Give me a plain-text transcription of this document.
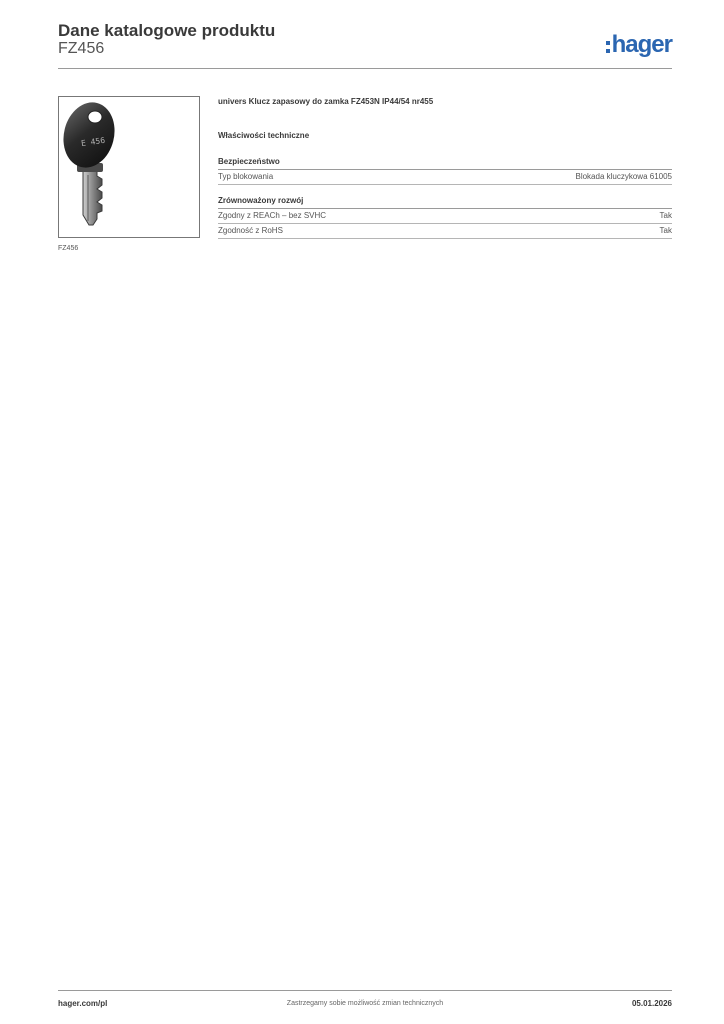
Dane katalogowe produktu
FZ456	hager
E 456
FZ456
univers Klucz zapasowy do zamka FZ453N IP44/54 nr455
Właściwości techniczne
Bezpieczeństwo
Typ blokowania	Blokada kluczykowa 61005
Zrównoważony rozwój
Zgodny z REACh – bez SVHC	Tak
Zgodność z RoHS	Tak
hager.com/pl	Zastrzegamy sobie możliwość zmian technicznych	05.01.2026
